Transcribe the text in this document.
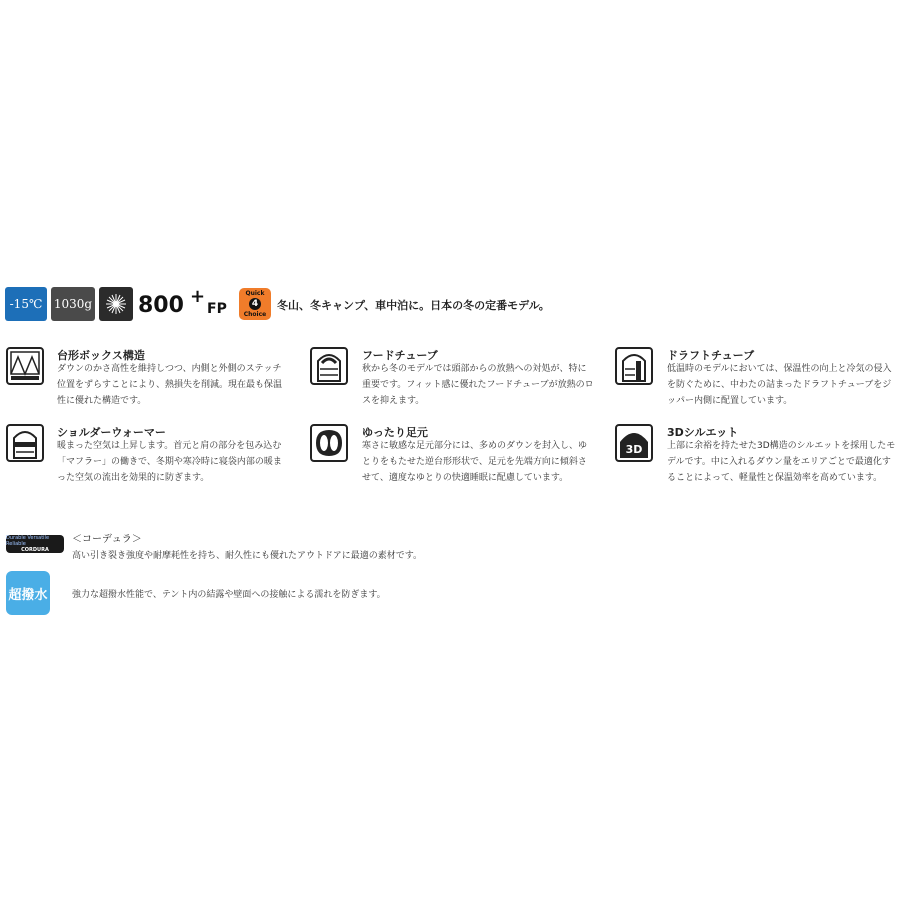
-15℃ 1030g 800 +
FP
Quick
4
Choice
冬山、冬キャンプ、車中泊に。日本の冬の定番モデル。
台形ボックス構造
ダウンのかさ高性を維持しつつ、内側と外側のステッチ位置をずらすことにより、熱損失を削減。現在最も保温性に優れた構造です。
フードチューブ
秋から冬のモデルでは頭部からの放熱への対処が、特に重要です。フィット感に優れたフードチューブが放熱のロスを抑えます。
ドラフトチューブ
低温時のモデルにおいては、保温性の向上と冷気の侵入を防ぐために、中わたの詰まったドラフトチューブをジッパー内側に配置しています。
ショルダーウォーマー
暖まった空気は上昇します。首元と肩の部分を包み込む「マフラー」の働きで、冬期や寒冷時に寝袋内部の暖まった空気の流出を効果的に防ぎます。
ゆったり足元
寒さに敏感な足元部分には、多めのダウンを封入し、ゆとりをもたせた逆台形形状で、足元を先端方向に傾斜させて、適度なゆとりの快適睡眠に配慮しています。
3D
3Dシルエット
上部に余裕を持たせた3D構造のシルエットを採用したモデルです。中に入れるダウン量をエリアごとで最適化することによって、軽量性と保温効率を高めています。
Durable Versatile Reliable
CORDURA
＜コーデュラ＞
高い引き裂き強度や耐摩耗性を持ち、耐久性にも優れたアウトドアに最適の素材です。
超撥水	強力な超撥水性能で、テント内の結露や壁面への接触による濡れを防ぎます。
